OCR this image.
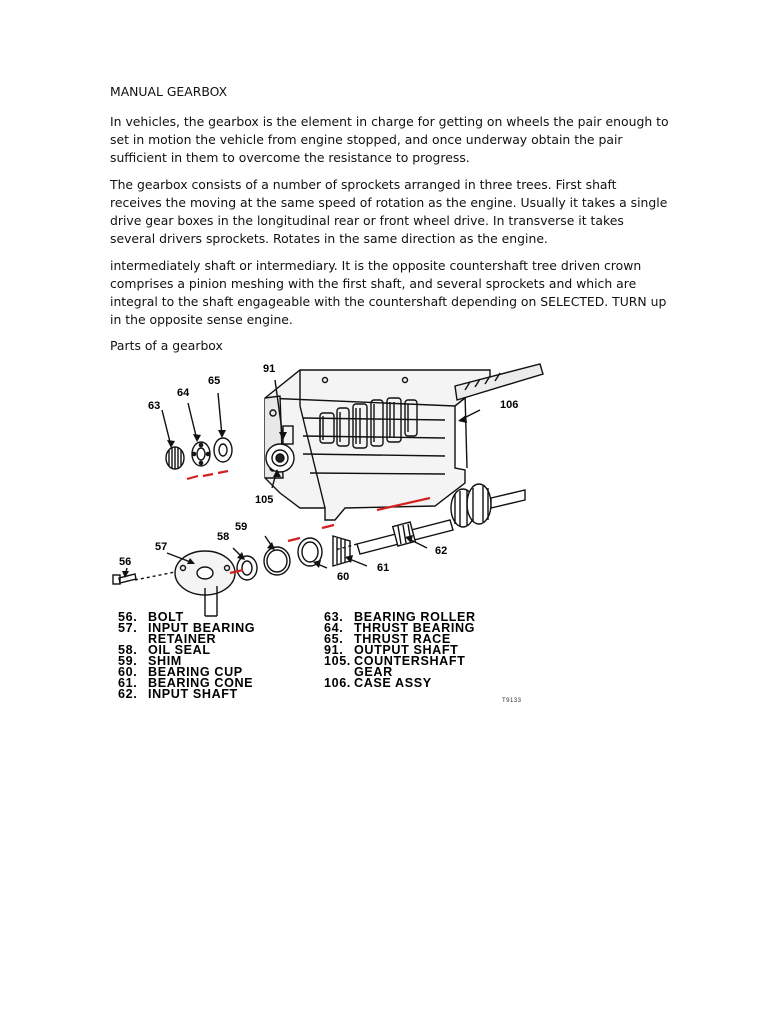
MANUAL GEARBOX

In vehicles, the gearbox is the element in charge for getting on wheels the pair enough to set in motion the vehicle from engine stopped, and once underway obtain the pair sufficient in them to overcome the resistance to progress.

The gearbox consists of a number of sprockets arranged in three trees. First shaft receives the moving at the same speed of rotation as the engine. Usually it takes a single drive gear boxes in the longitudinal rear or front wheel drive. In transverse it takes several drivers sprockets. Rotates in the same direction as the engine.

intermediately shaft or intermediary. It is the opposite countershaft tree driven crown comprises a pinion meshing with the first shaft, and several sprockets and which are integral to the shaft engageable with the countershaft depending on SELECTED. TURN up in the opposite sense engine.

Parts of a gearbox

63
64
65
91
106
105
59
57
58
56
60
61
62
56. BOLT
57. INPUT BEARING
RETAINER
58. OIL SEAL
59. SHIM
60. BEARING CUP
61. BEARING CONE
62. INPUT SHAFT
63. BEARING ROLLER
64. THRUST BEARING
65. THRUST RACE
91. OUTPUT SHAFT
105. COUNTERSHAFT
GEAR
106. CASE ASSY
T9133
